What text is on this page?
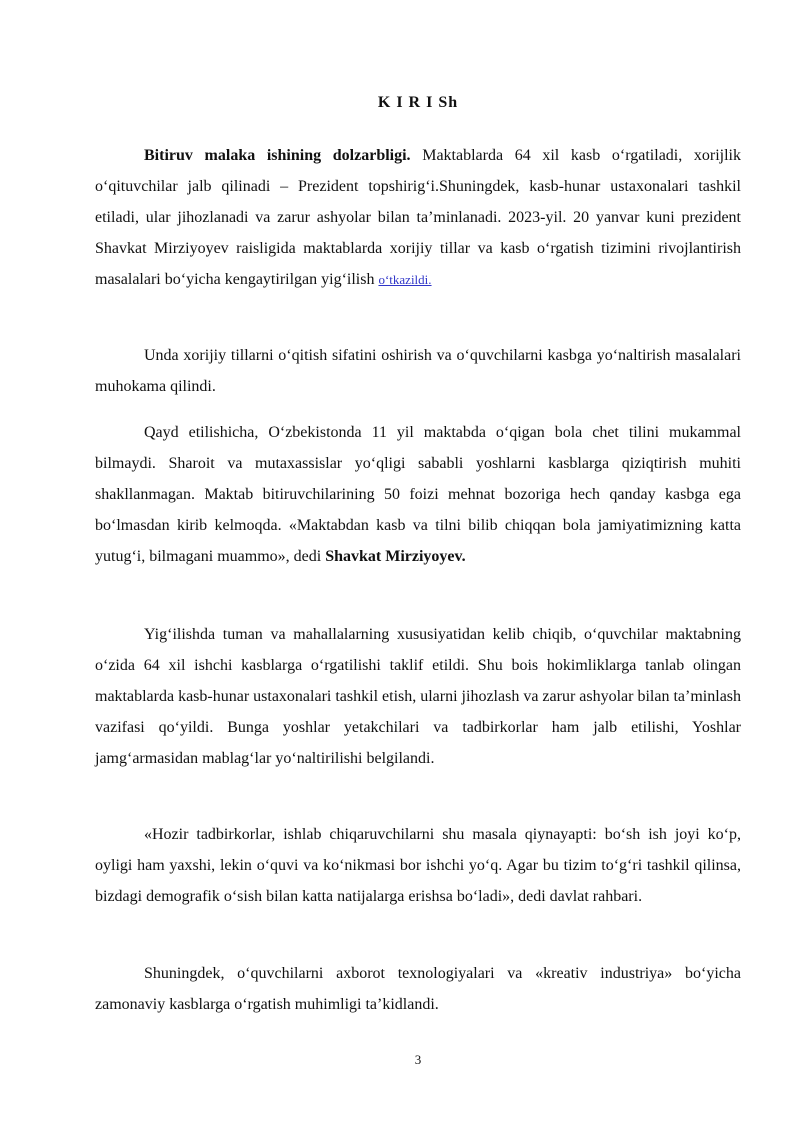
K I R I Sh

Bitiruv malaka ishining dolzarbligi. Maktablarda 64 xil kasb oʻrgatiladi, xorijlik oʻqituvchilar jalb qilinadi – Prezident topshirigʻi.Shuningdek, kasb-hunar ustaxonalari tashkil etiladi, ular jihozlanadi va zarur ashyolar bilan taʼminlanadi. 2023-yil. 20 yanvar kuni prezident Shavkat Mirziyoyev raisligida maktablarda xorijiy tillar va kasb oʻrgatish tizimini rivojlantirish masalalari boʻyicha kengaytirilgan yigʻilish oʻtkazildi.

Unda xorijiy tillarni oʻqitish sifatini oshirish va oʻquvchilarni kasbga yoʻnaltirish masalalari muhokama qilindi.

Qayd etilishicha, Oʻzbekistonda 11 yil maktabda oʻqigan bola chet tilini mukammal bilmaydi. Sharoit va mutaxassislar yoʻqligi sababli yoshlarni kasblarga qiziqtirish muhiti shakllanmagan. Maktab bitiruvchilarining 50 foizi mehnat bozoriga hech qanday kasbga ega boʻlmasdan kirib kelmoqda. «Maktabdan kasb va tilni bilib chiqqan bola jamiyatimizning katta yutugʻi, bilmagani muammo», dedi Shavkat Mirziyoyev.

Yigʻilishda tuman va mahallalarning xususiyatidan kelib chiqib, oʻquvchilar maktabning oʻzida 64 xil ishchi kasblarga oʻrgatilishi taklif etildi. Shu bois hokimliklarga tanlab olingan maktablarda kasb-hunar ustaxonalari tashkil etish, ularni jihozlash va zarur ashyolar bilan taʼminlash vazifasi qoʻyildi. Bunga yoshlar yetakchilari va tadbirkorlar ham jalb etilishi, Yoshlar jamgʻarmasidan mablagʻlar yoʻnaltirilishi belgilandi.

«Hozir tadbirkorlar, ishlab chiqaruvchilarni shu masala qiynayapti: boʻsh ish joyi koʻp, oyligi ham yaxshi, lekin oʻquvi va koʻnikmasi bor ishchi yoʻq. Agar bu tizim toʻgʻri tashkil qilinsa, bizdagi demografik oʻsish bilan katta natijalarga erishsa boʻladi», dedi davlat rahbari.

Shuningdek, oʻquvchilarni axborot texnologiyalari va «kreativ industriya» boʻyicha zamonaviy kasblarga oʻrgatish muhimligi taʼkidlandi.

3
